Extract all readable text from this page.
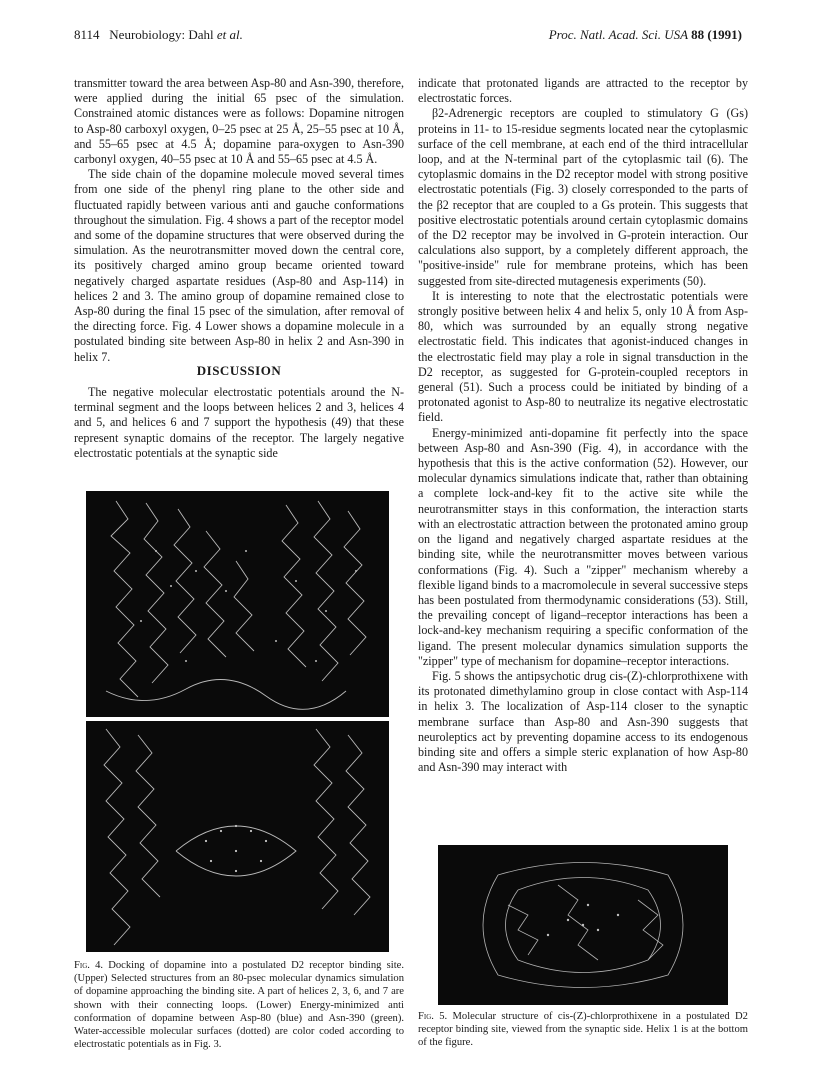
8114 Neurobiology: Dahl et al.	Proc. Natl. Acad. Sci. USA 88 (1991)

transmitter toward the area between Asp-80 and Asn-390, therefore, were applied during the initial 65 psec of the simulation. Constrained atomic distances were as follows: Dopamine nitrogen to Asp-80 carboxyl oxygen, 0–25 psec at 25 Å, 25–55 psec at 10 Å, and 55–65 psec at 4.5 Å; dopamine para-oxygen to Asn-390 carbonyl oxygen, 40–55 psec at 10 Å and 55–65 psec at 4.5 Å.

The side chain of the dopamine molecule moved several times from one side of the phenyl ring plane to the other side and fluctuated rapidly between various anti and gauche conformations throughout the simulation. Fig. 4 shows a part of the receptor model and some of the dopamine structures that were observed during the simulation. As the neurotransmitter moved down the central core, its positively charged amino group became oriented toward negatively charged aspartate residues (Asp-80 and Asp-114) in helices 2 and 3. The amino group of dopamine remained close to Asp-80 during the final 15 psec of the simulation, after removal of the directing force. Fig. 4 Lower shows a dopamine molecule in a postulated binding site between Asp-80 in helix 2 and Asn-390 in helix 7.

DISCUSSION

The negative molecular electrostatic potentials around the N-terminal segment and the loops between helices 2 and 3, helices 4 and 5, and helices 6 and 7 support the hypothesis (49) that these represent synaptic domains of the receptor. The largely negative electrostatic potentials at the synaptic side

Fig. 4. Docking of dopamine into a postulated D2 receptor binding site. (Upper) Selected structures from an 80-psec molecular dynamics simulation of dopamine approaching the binding site. A part of helices 2, 3, 6, and 7 are shown with their connecting loops. (Lower) Energy-minimized anti conformation of dopamine between Asp-80 (blue) and Asn-390 (green). Water-accessible molecular surfaces (dotted) are color coded according to electrostatic potentials as in Fig. 3.

indicate that protonated ligands are attracted to the receptor by electrostatic forces.

β2-Adrenergic receptors are coupled to stimulatory G (Gs) proteins in 11- to 15-residue segments located near the cytoplasmic surface of the cell membrane, at each end of the third intracellular loop, and at the N-terminal part of the cytoplasmic tail (6). The cytoplasmic domains in the D2 receptor model with strong positive electrostatic potentials (Fig. 3) closely corresponded to the parts of the β2 receptor that are coupled to a Gs protein. This suggests that positive electrostatic potentials around certain cytoplasmic domains of the D2 receptor may be involved in G-protein interaction. Our calculations also support, by a completely different approach, the "positive-inside" rule for membrane proteins, which has been suggested from site-directed mutagenesis experiments (50).

It is interesting to note that the electrostatic potentials were strongly positive between helix 4 and helix 5, only 10 Å from Asp-80, which was surrounded by an equally strong negative electrostatic field. This indicates that agonist-induced changes in the electrostatic field may play a role in signal transduction in the D2 receptor, as suggested for G-protein-coupled receptors in general (51). Such a process could be initiated by binding of a protonated agonist to Asp-80 to neutralize its negative electrostatic field.

Energy-minimized anti-dopamine fit perfectly into the space between Asp-80 and Asn-390 (Fig. 4), in accordance with the hypothesis that this is the active conformation (52). However, our molecular dynamics simulations indicate that, rather than obtaining a complete lock-and-key fit to the active site while the neurotransmitter stays in this conformation, the interaction starts with an electrostatic attraction between the protonated amino group on the ligand and negatively charged aspartate residues at the binding site, while the neurotransmitter moves between various conformations (Fig. 4). Such a "zipper" mechanism whereby a flexible ligand binds to a macromolecule in several successive steps has been postulated from thermodynamic considerations (53). Still, the prevailing concept of ligand–receptor interactions has been a lock-and-key mechanism requiring a specific conformation of the ligand. The present molecular dynamics simulation supports the "zipper" type of mechanism for dopamine–receptor interactions.

Fig. 5 shows the antipsychotic drug cis-(Z)-chlorprothixene with its protonated dimethylamino group in close contact with Asp-114 in helix 3. The localization of Asp-114 closer to the synaptic membrane surface than Asp-80 and Asn-390 suggests that neuroleptics act by preventing dopamine access to its endogenous binding site and offers a simple steric explanation of how Asp-80 and Asn-390 may interact with

Fig. 5. Molecular structure of cis-(Z)-chlorprothixene in a postulated D2 receptor binding site, viewed from the synaptic side. Helix 1 is at the bottom of the figure.
